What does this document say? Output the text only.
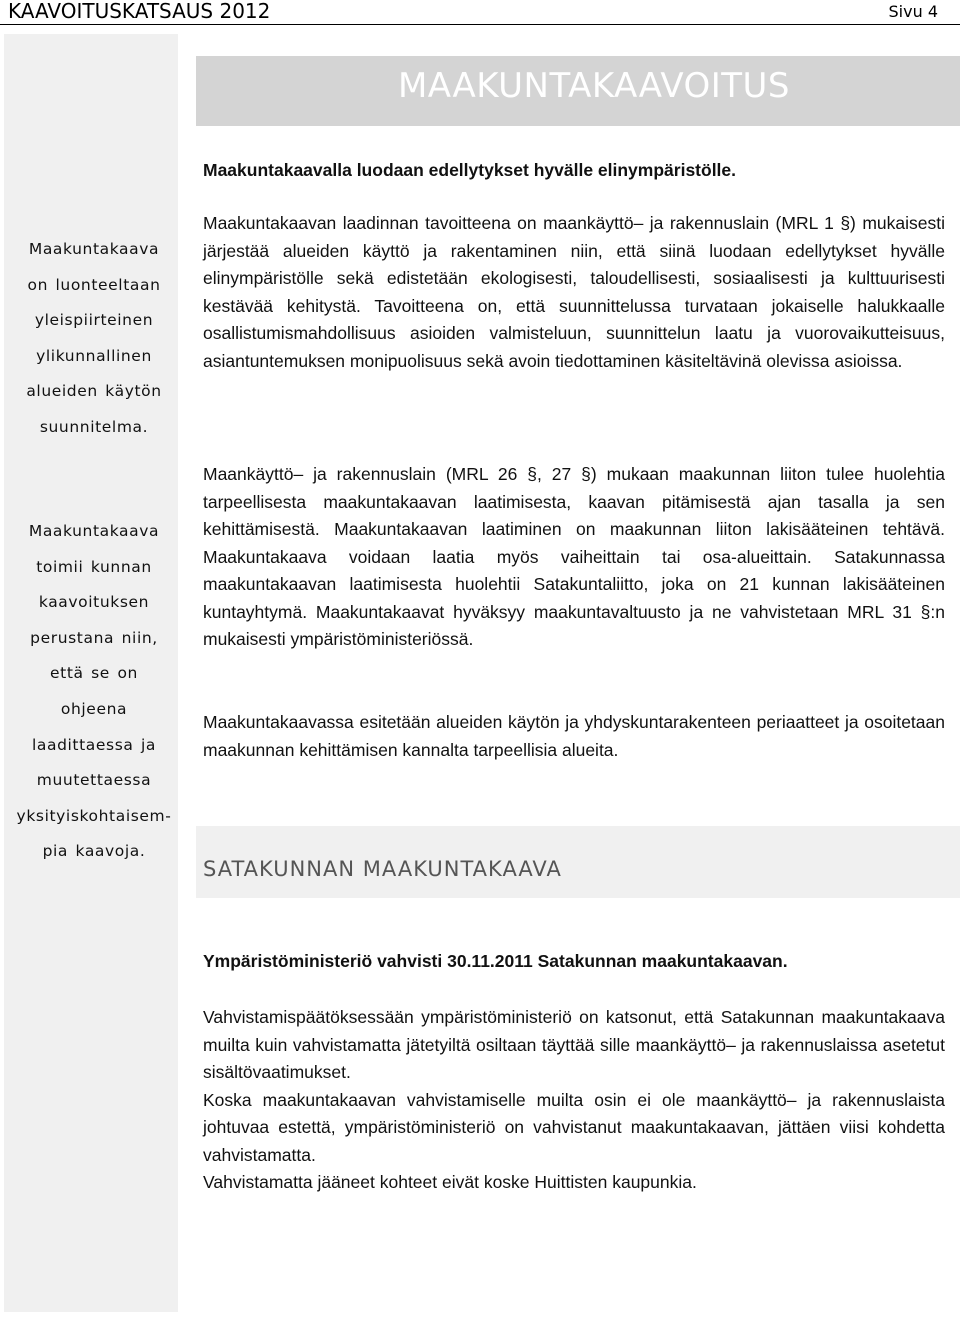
KAAVOITUSKATSAUS 2012	Sivu 4
Maakuntakaava
on luonteeltaan
yleispiirteinen
ylikunnallinen
alueiden käytön
suunnitelma.
Maakuntakaava
toimii kunnan
kaavoituksen
perustana niin,
että se on
ohjeena
laadittaessa ja
muutettaessa
yksityiskohtaisem-
pia kaavoja.
MAAKUNTAKAAVOITUS
Maakuntakaavalla luodaan edellytykset hyvälle elinympäristölle.

Maakuntakaavan laadinnan tavoitteena on maankäyttö– ja rakennuslain (MRL 1 §) mukaisesti järjestää alueiden käyttö ja rakentaminen niin, että siinä luodaan edellytykset hyvälle elinympäristölle sekä edistetään ekologisesti, taloudellisesti, sosiaalisesti ja kulttuurisesti kestävää kehitystä. Tavoitteena on, että suunnittelussa turvataan jokaiselle halukkaalle osallistumismahdollisuus asioiden valmisteluun, suunnittelun laatu ja vuorovaikutteisuus, asiantuntemuksen monipuolisuus sekä avoin tiedottaminen käsiteltävinä olevissa asioissa.

Maankäyttö– ja rakennuslain (MRL 26 §, 27 §) mukaan maakunnan liiton tulee huolehtia tarpeellisesta maakuntakaavan laatimisesta, kaavan pitämisestä ajan tasalla ja sen kehittämisestä. Maakuntakaavan laatiminen on maakunnan liiton lakisääteinen tehtävä. Maakuntakaava voidaan laatia myös vaiheittain tai osa-alueittain. Satakunnassa maakuntakaavan laatimisesta huolehtii Satakuntaliitto, joka on 21 kunnan lakisääteinen kuntayhtymä. Maakuntakaavat hyväksyy maakuntavaltuusto ja ne vahvistetaan MRL 31 §:n mukaisesti ympäristöministeriössä.

Maakuntakaavassa esitetään alueiden käytön ja yhdyskuntarakenteen periaatteet ja osoitetaan maakunnan kehittämisen kannalta tarpeellisia alueita.

SATAKUNNAN MAAKUNTAKAAVA
Ympäristöministeriö vahvisti 30.11.2011 Satakunnan maakuntakaavan.

Vahvistamispäätöksessään ympäristöministeriö on katsonut, että Satakunnan maakuntakaava muilta kuin vahvistamatta jätetyiltä osiltaan täyttää sille maankäyttö– ja rakennuslaissa asetetut sisältövaatimukset.

Koska maakuntakaavan vahvistamiselle muilta osin ei ole maankäyttö– ja rakennuslaista johtuvaa estettä, ympäristöministeriö on vahvistanut maakuntakaavan, jättäen viisi kohdetta vahvistamatta.

Vahvistamatta jääneet kohteet eivät koske Huittisten kaupunkia.
